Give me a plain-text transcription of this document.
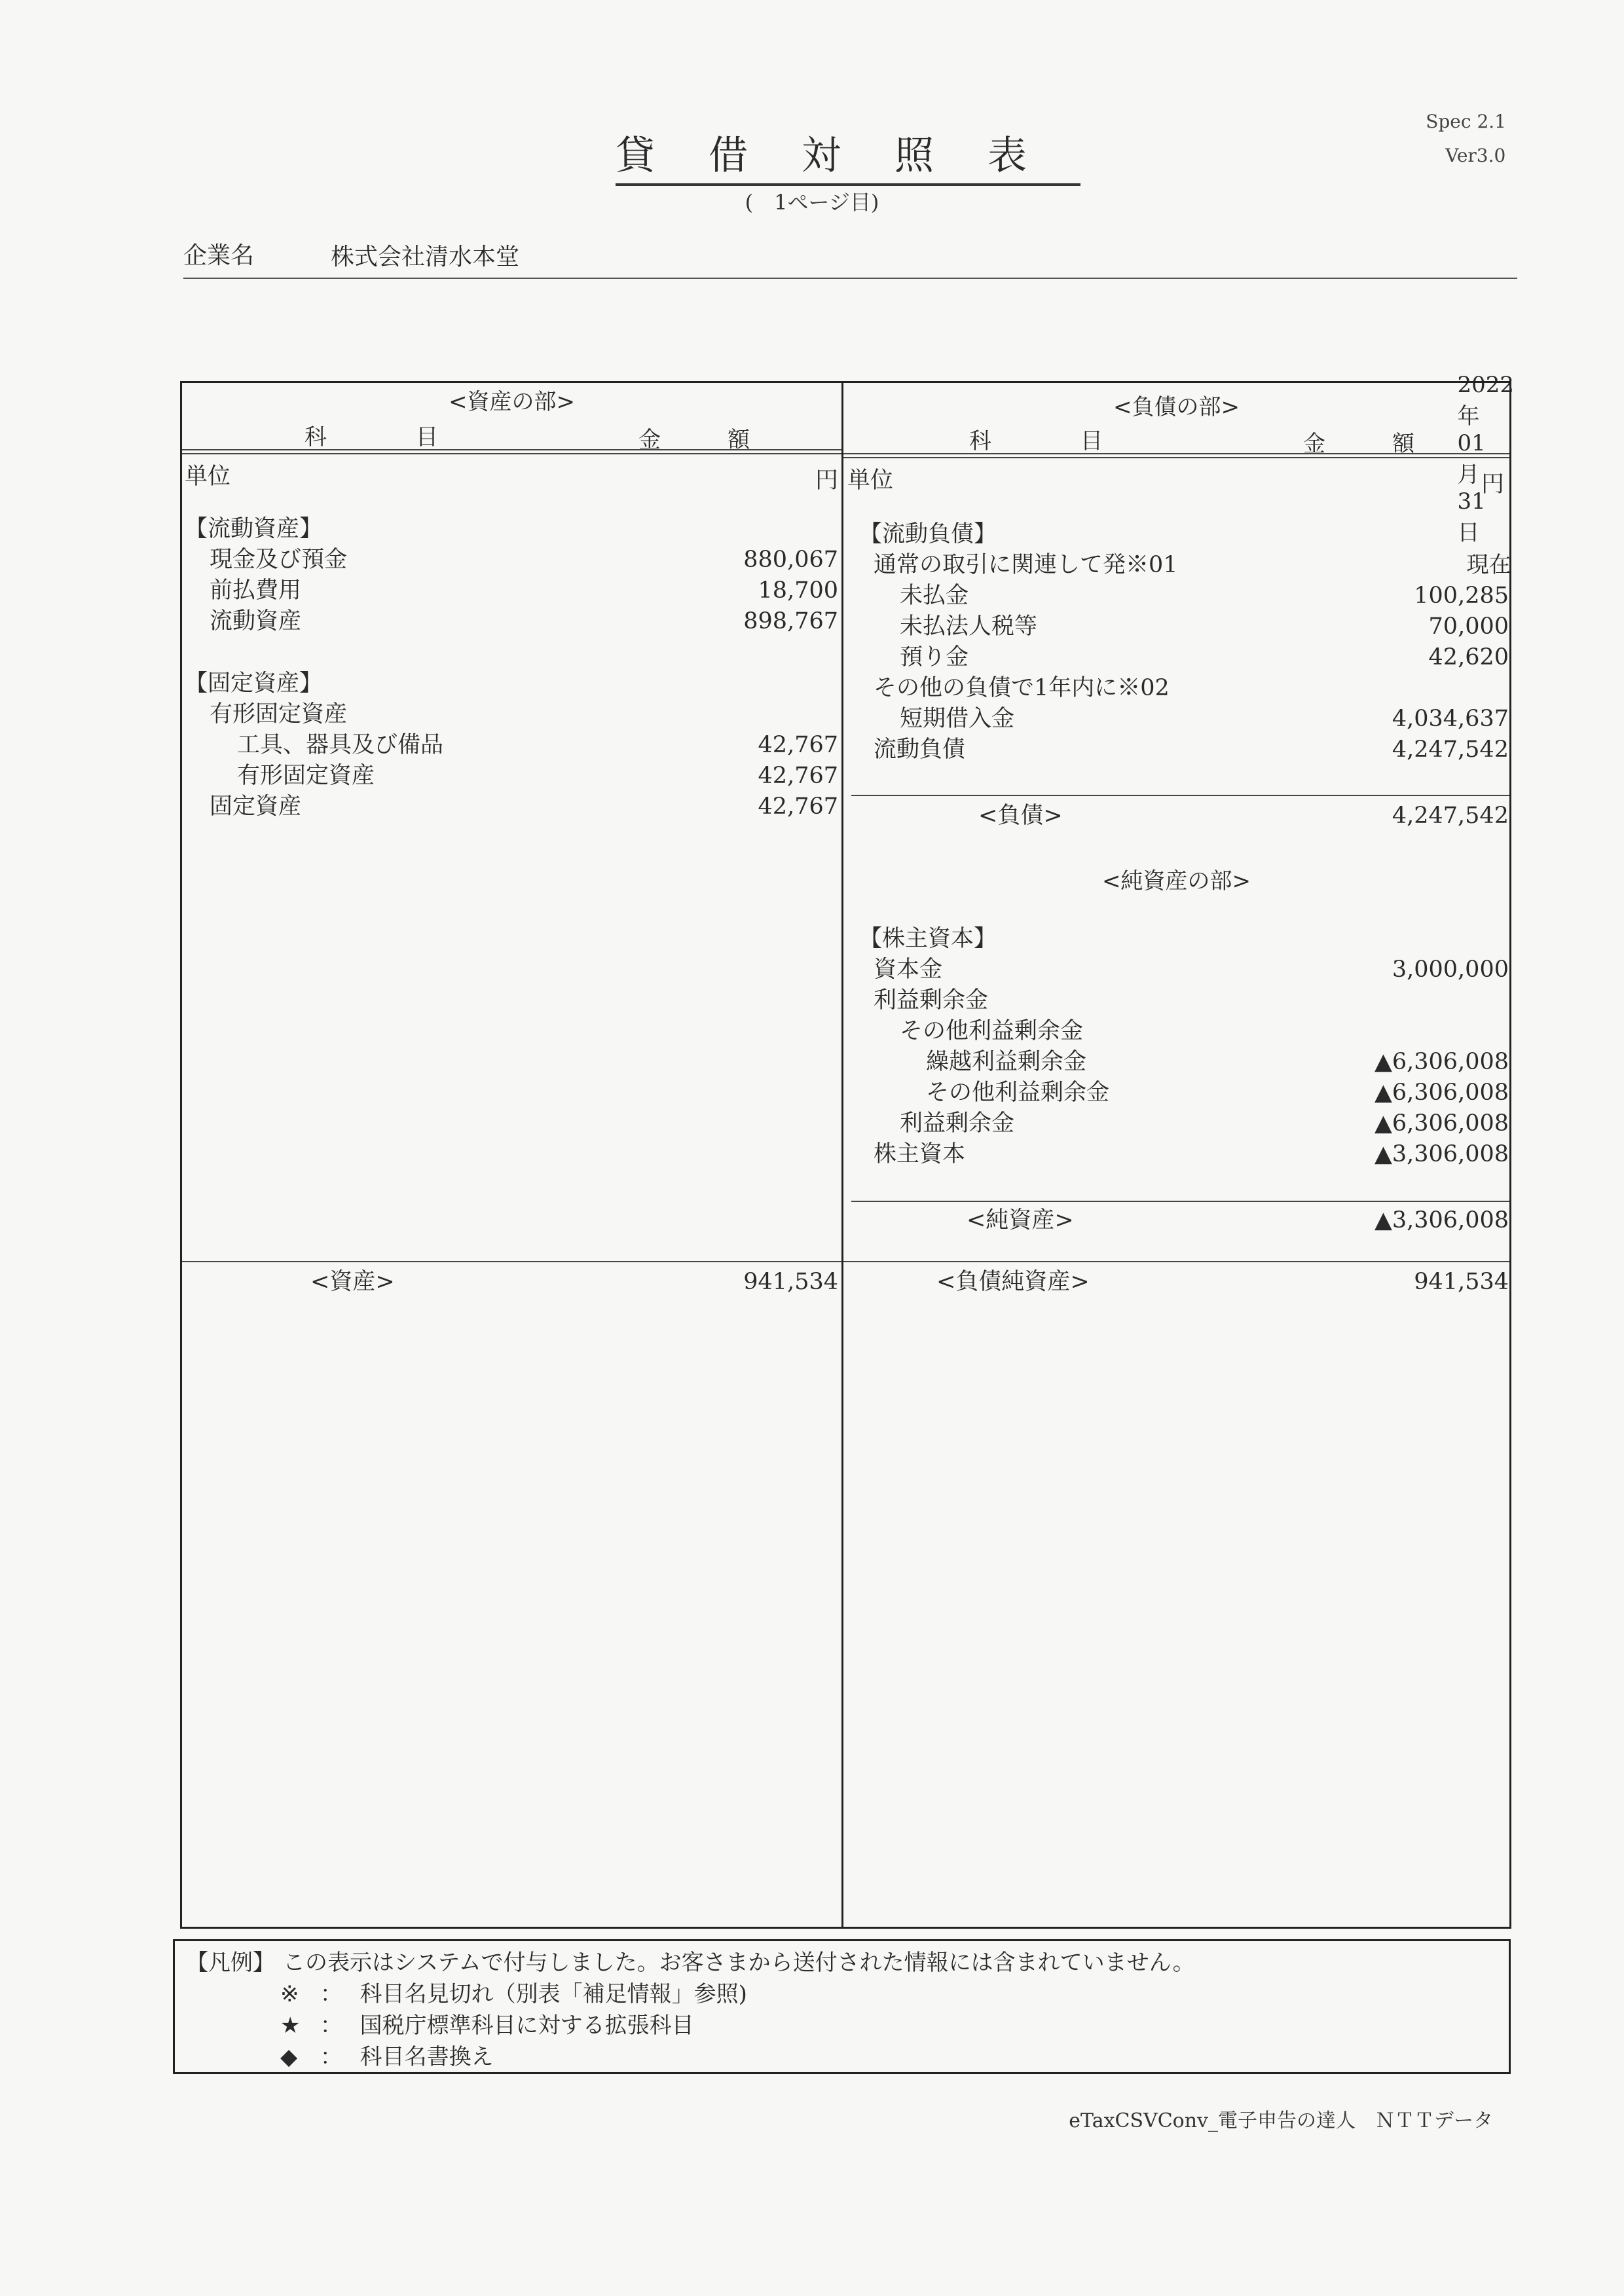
Spec 2.1
Ver3.0
貸借対照表
(　1ページ目)
企業名	株式会社清水本堂

2022
年
01
月
31
日
現在

<資産の部>
科　　　　目	金　　　額
<負債の部>
科　　　　目	金　　　額
単位	円 単位	円
【流動資産】
現金及び預金	880,067
前払費用	18,700
流動資産	898,767
【固定資産】
有形固定資産
工具、器具及び備品	42,767
有形固定資産	42,767
固定資産	42,767
【流動負債】
通常の取引に関連して発※01
未払金	100,285
未払法人税等	70,000
預り金	42,620
その他の負債で1年内に※02
短期借入金	4,034,637
流動負債	4,247,542
<負債>	4,247,542
<純資産の部>
【株主資本】
資本金	3,000,000
利益剰余金
その他利益剰余金
繰越利益剰余金	▲6,306,008
その他利益剰余金	▲6,306,008
利益剰余金	▲6,306,008
株主資本	▲3,306,008
<純資産>	▲3,306,008
<資産>	941,534	<負債純資産>	941,534
【凡例】 この表示はシステムで付与しました。お客さまから送付された情報には含まれていません。
※ ： 科目名見切れ（別表「補足情報」参照)
★ ： 国税庁標準科目に対する拡張科目
◆ ： 科目名書換え
eTaxCSVConv_電子申告の達人　ＮＴＴデータ
